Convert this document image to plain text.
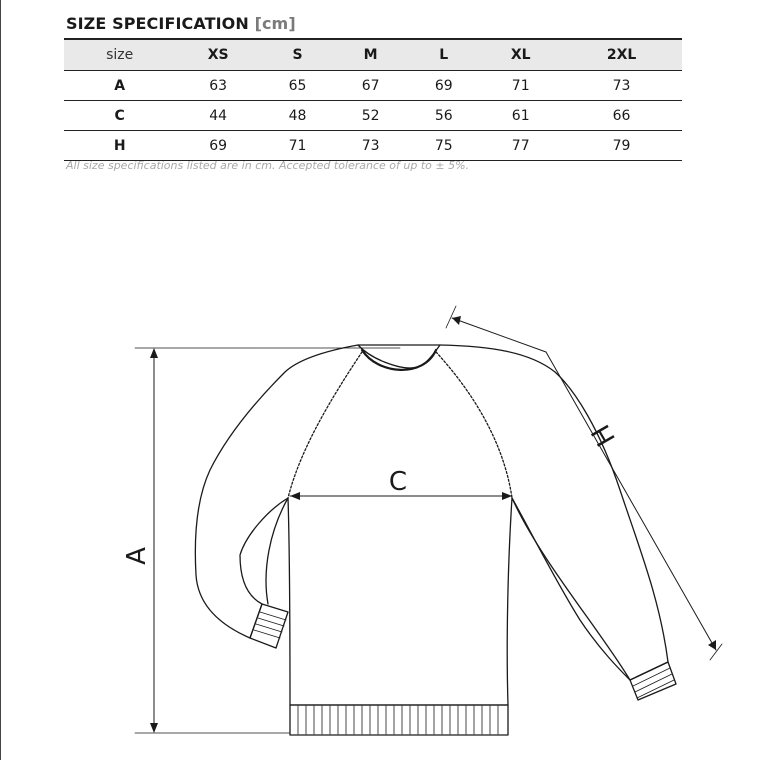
SIZE SPECIFICATION [cm]
size	XS	S	M	L	XL	2XL
A	63	65	67	69	71	73
C	44	48	52	56	61	66
H	69	71	73	75	77	79
All size specifications listed are in cm. Accepted tolerance of up to ± 5%.
A
C
H
